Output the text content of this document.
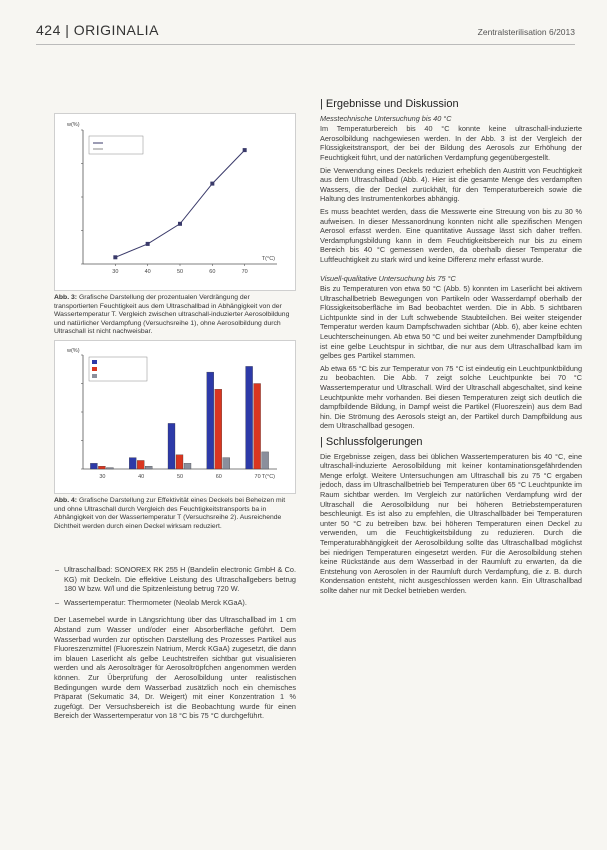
424 | ORIGINALIA	Zentralsterilisation 6/2013
30	40	50	60	70
w(%)
T(°C)
Abb. 3: Grafische Darstellung der prozentualen Verdrängung der transportierten Feuchtigkeit aus dem Ultraschallbad in Abhängigkeit von der Wassertemperatur T. Vergleich zwischen ultraschall-induzierter Aerosolbildung und natürlicher Verdampfung (Versuchsreihe 1), ohne Aerosolbildung durch Ultraschall ist nicht nachweisbar.
30	40	50	60	70
w(%)
T(°C)
Abb. 4: Grafische Darstellung zur Effektivität eines Deckels bei Beheizen mit und ohne Ultraschall durch Vergleich des Feuchtigkeitstransports ba in Abhängigkeit von der Wassertemperatur T (Versuchsreihe 2). Ausreichende Dichtheit werden durch einen Deckel wirksam reduziert.
– Ultraschallbad: SONOREX RK 255 H (Bandelin electronic GmbH & Co. KG) mit Deckeln. Die effektive Leistung des Ultraschallgebers betrug 180 W bzw. W/l und die Spitzenleistung betrug 720 W.
– Wassertemperatur: Thermometer (Neolab Merck KGaA).

Der Lasernebel wurde in Längsrichtung über das Ultraschallbad im 1 cm Abstand zum Wasser und/oder einer Absorberfläche geführt. Dem Wasserbad wurden zur optischen Darstellung des Prozesses Partikel aus Fluoreszenzmittel (Fluoreszein Natrium, Merck KGaA) zugesetzt, die dann im blauen Laserlicht als gelbe Leuchtstreifen sichtbar gut visualisieren werden und als Aerosolträger für Aerosoltröpfchen angenommen werden können. Zur Überprüfung der Aerosolbildung unter realistischen Bedingungen wurde dem Wasserbad zusätzlich noch ein chemisches Präparat (Sekumatic 34, Dr. Weigert) mit einer Konzentration 1 % zugefügt. Der Versuchsbereich ist die Beobachtung wurde für einen Bereich der Wassertemperatur von 18 °C bis 75 °C durchgeführt.

| Ergebnisse und Diskussion
Messtechnische Untersuchung bis 40 °C

Im Temperaturbereich bis 40 °C konnte keine ultraschall-induzierte Aerosolbildung nachgewiesen werden. In der Abb. 3 ist der Vergleich der Flüssigkeitstransport, der bei der Bildung des Aerosols zur Erhöhung der Feuchtigkeit führt, und der natürlichen Verdampfung gegenübergestellt.

Die Verwendung eines Deckels reduziert erheblich den Austritt von Feuchtigkeit aus dem Ultraschallbad (Abb. 4). Hier ist die gesamte Menge des verdampften Wassers, die der Deckel zurückhält, für den Temperaturbereich sowie die Haltung des Instrumentenkorbes abhängig.

Es muss beachtet werden, dass die Messwerte eine Streuung von bis zu 30 % aufweisen. In dieser Messanordnung konnten nicht alle spezifischen Mengen Aerosol erfasst werden. Eine quantitative Aussage lässt sich daher treffen. Verdampfungsbildung kann in dem Feuchtigkeitsbereich nur bis zu einem Bereich bis 40 °C gemessen werden, da oberhalb dieser Temperatur die Luftfeuchtigkeit zu stark wird und keine Differenz mehr erfasst wurde.

Visuell-qualitative Untersuchung bis 75 °C

Bis zu Temperaturen von etwa 50 °C (Abb. 5) konnten im Laserlicht bei aktivem Ultraschallbetrieb Bewegungen von Partikeln oder Wasserdampf oberhalb der Flüssigkeitsoberfläche im Bad beobachtet werden. Die in Abb. 5 sichtbaren Lichtpunkte sind in der Luft schwebende Staubteilchen. Bei weiter steigender Temperatur werden kaum Dampfschwaden sichtbar (Abb. 6), aber keine echten Leuchterscheinungen. Ab etwa 50 °C und bei weiter zunehmender Dampfbildung ist eine gelbe Leuchtspur in sichtbar, die nur aus dem Ultraschallbad kam im gelbes ges Partikel stammen.

Ab etwa 65 °C bis zur Temperatur von 75 °C ist eindeutig ein Leuchtpunktbildung zu beobachten. Die Abb. 7 zeigt solche Leuchtpunkte bei 70 °C Wassertemperatur und Ultraschall. Wird der Ultraschall abgeschaltet, sind keine Leuchtpunkte mehr vorhanden. Bei diesen Temperaturen zeigt sich deutlich die dampfbildende Bildung, in Dampf weist die Partikel (Fluoreszein) aus dem Bad hin. Die Strömung des Aerosols steigt an, der Partikel durch Dampfbildung aus dem Ultraschallbad gesogen.

| Schlussfolgerungen

Die Ergebnisse zeigen, dass bei üblichen Wassertemperaturen bis 40 °C, eine ultraschall-induzierte Aerosolbildung mit keiner kontaminationsgefährdenden Menge erfolgt. Weitere Untersuchungen am Ultraschall bis zu 75 °C ergaben jedoch, dass im Ultraschallbetrieb bei Temperaturen über 65 °C Leuchtpunkte im Raum sichtbar werden. Im Vergleich zur natürlichen Verdampfung wird der Ultraschall die Aerosolbildung nur bei höheren Betriebstemperaturen beschleunigt. Es ist also zu empfehlen, die Ultraschallbäder bei Temperaturen unter 50 °C zu betreiben bzw. bei höheren Temperaturen einen Deckel zu verwenden, um die Feuchtigkeitsbildung zu reduzieren. Durch die Temperaturabhängigkeit der Aerosolbildung sollte das Ultraschallbad möglichst bei niedrigen Temperaturen eingesetzt werden. Für die Aerosolbildung stehen keine Rückstände aus dem Wasserbad in der Raumluft zu erwarten, da die Entstehung von Aerosolen in der Raumluft durch Verdampfung, die z. B. durch Kondensation entsteht, nicht ausgeschlossen werden kann. Ein Ultraschallbad sollte daher nur mit Deckel betrieben werden.
